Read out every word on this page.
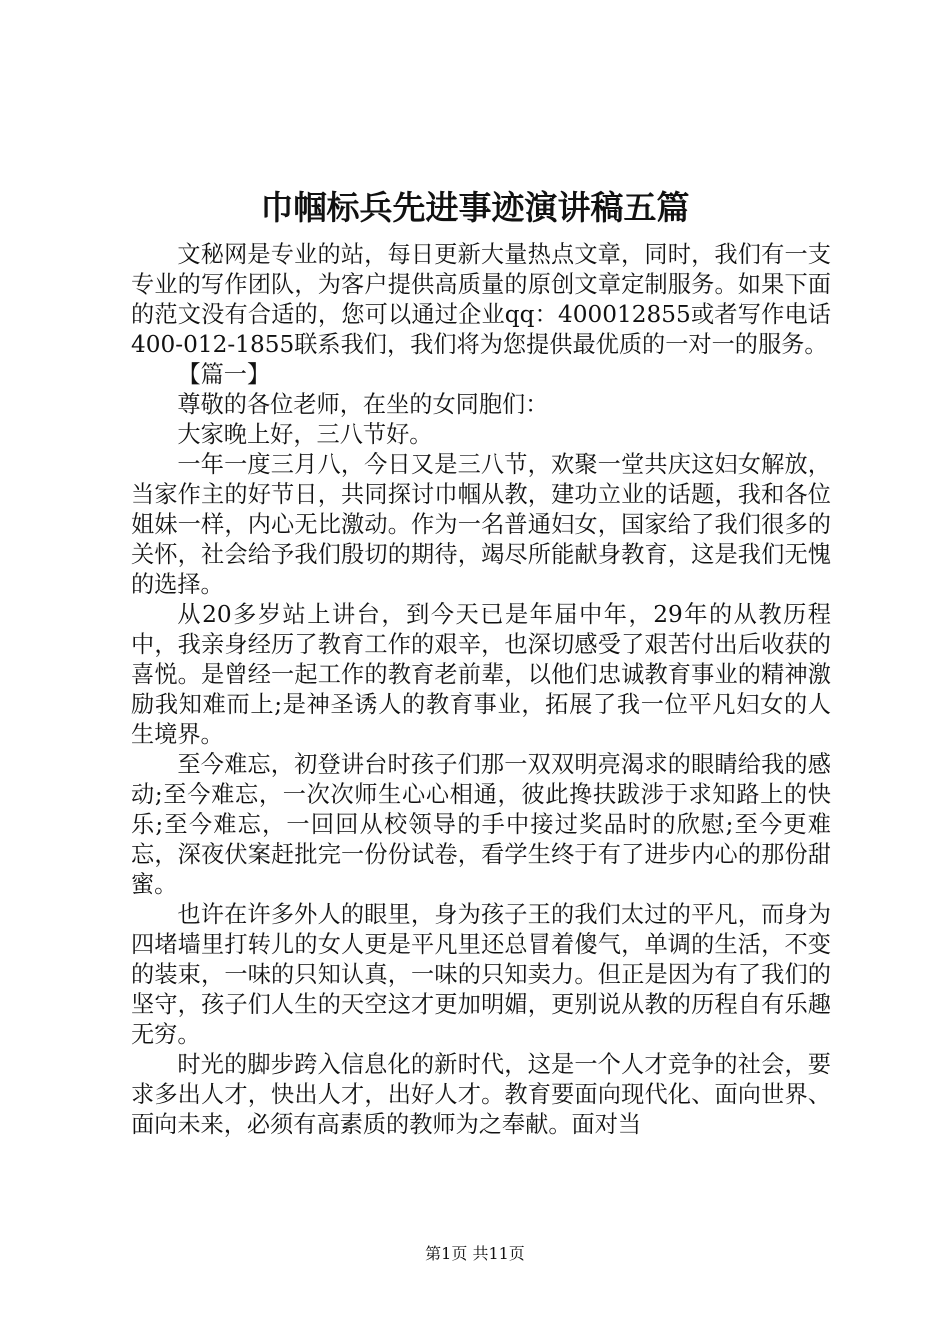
巾帼标兵先进事迹演讲稿五篇

文秘网是专业的站，每日更新大量热点文章，同时，我们有一支专业的写作团队，为客户提供高质量的原创文章定制服务。如果下面的范文没有合适的，您可以通过企业qq：400012855或者写作电话400-012-1855联系我们，我们将为您提供最优质的一对一的服务。

【篇一】

尊敬的各位老师，在坐的女同胞们：

大家晚上好，三八节好。

一年一度三月八，今日又是三八节，欢聚一堂共庆这妇女解放，当家作主的好节日，共同探讨巾帼从教，建功立业的话题，我和各位姐妹一样，内心无比激动。作为一名普通妇女，国家给了我们很多的关怀，社会给予我们殷切的期待，竭尽所能献身教育，这是我们无愧的选择。

从20多岁站上讲台，到今天已是年届中年，29年的从教历程中，我亲身经历了教育工作的艰辛，也深切感受了艰苦付出后收获的喜悦。是曾经一起工作的教育老前辈，以他们忠诚教育事业的精神激励我知难而上;是神圣诱人的教育事业，拓展了我一位平凡妇女的人生境界。

至今难忘，初登讲台时孩子们那一双双明亮渴求的眼睛给我的感动;至今难忘，一次次师生心心相通，彼此搀扶跋涉于求知路上的快乐;至今难忘，一回回从校领导的手中接过奖品时的欣慰;至今更难忘，深夜伏案赶批完一份份试卷，看学生终于有了进步内心的那份甜蜜。

也许在许多外人的眼里，身为孩子王的我们太过的平凡，而身为四堵墙里打转儿的女人更是平凡里还总冒着傻气，单调的生活，不变的装束，一味的只知认真，一味的只知卖力。但正是因为有了我们的坚守，孩子们人生的天空这才更加明媚，更别说从教的历程自有乐趣无穷。

时光的脚步跨入信息化的新时代，这是一个人才竞争的社会，要求多出人才，快出人才，出好人才。教育要面向现代化、面向世界、面向未来，必须有高素质的教师为之奉献。面对当

第1页 共11页
